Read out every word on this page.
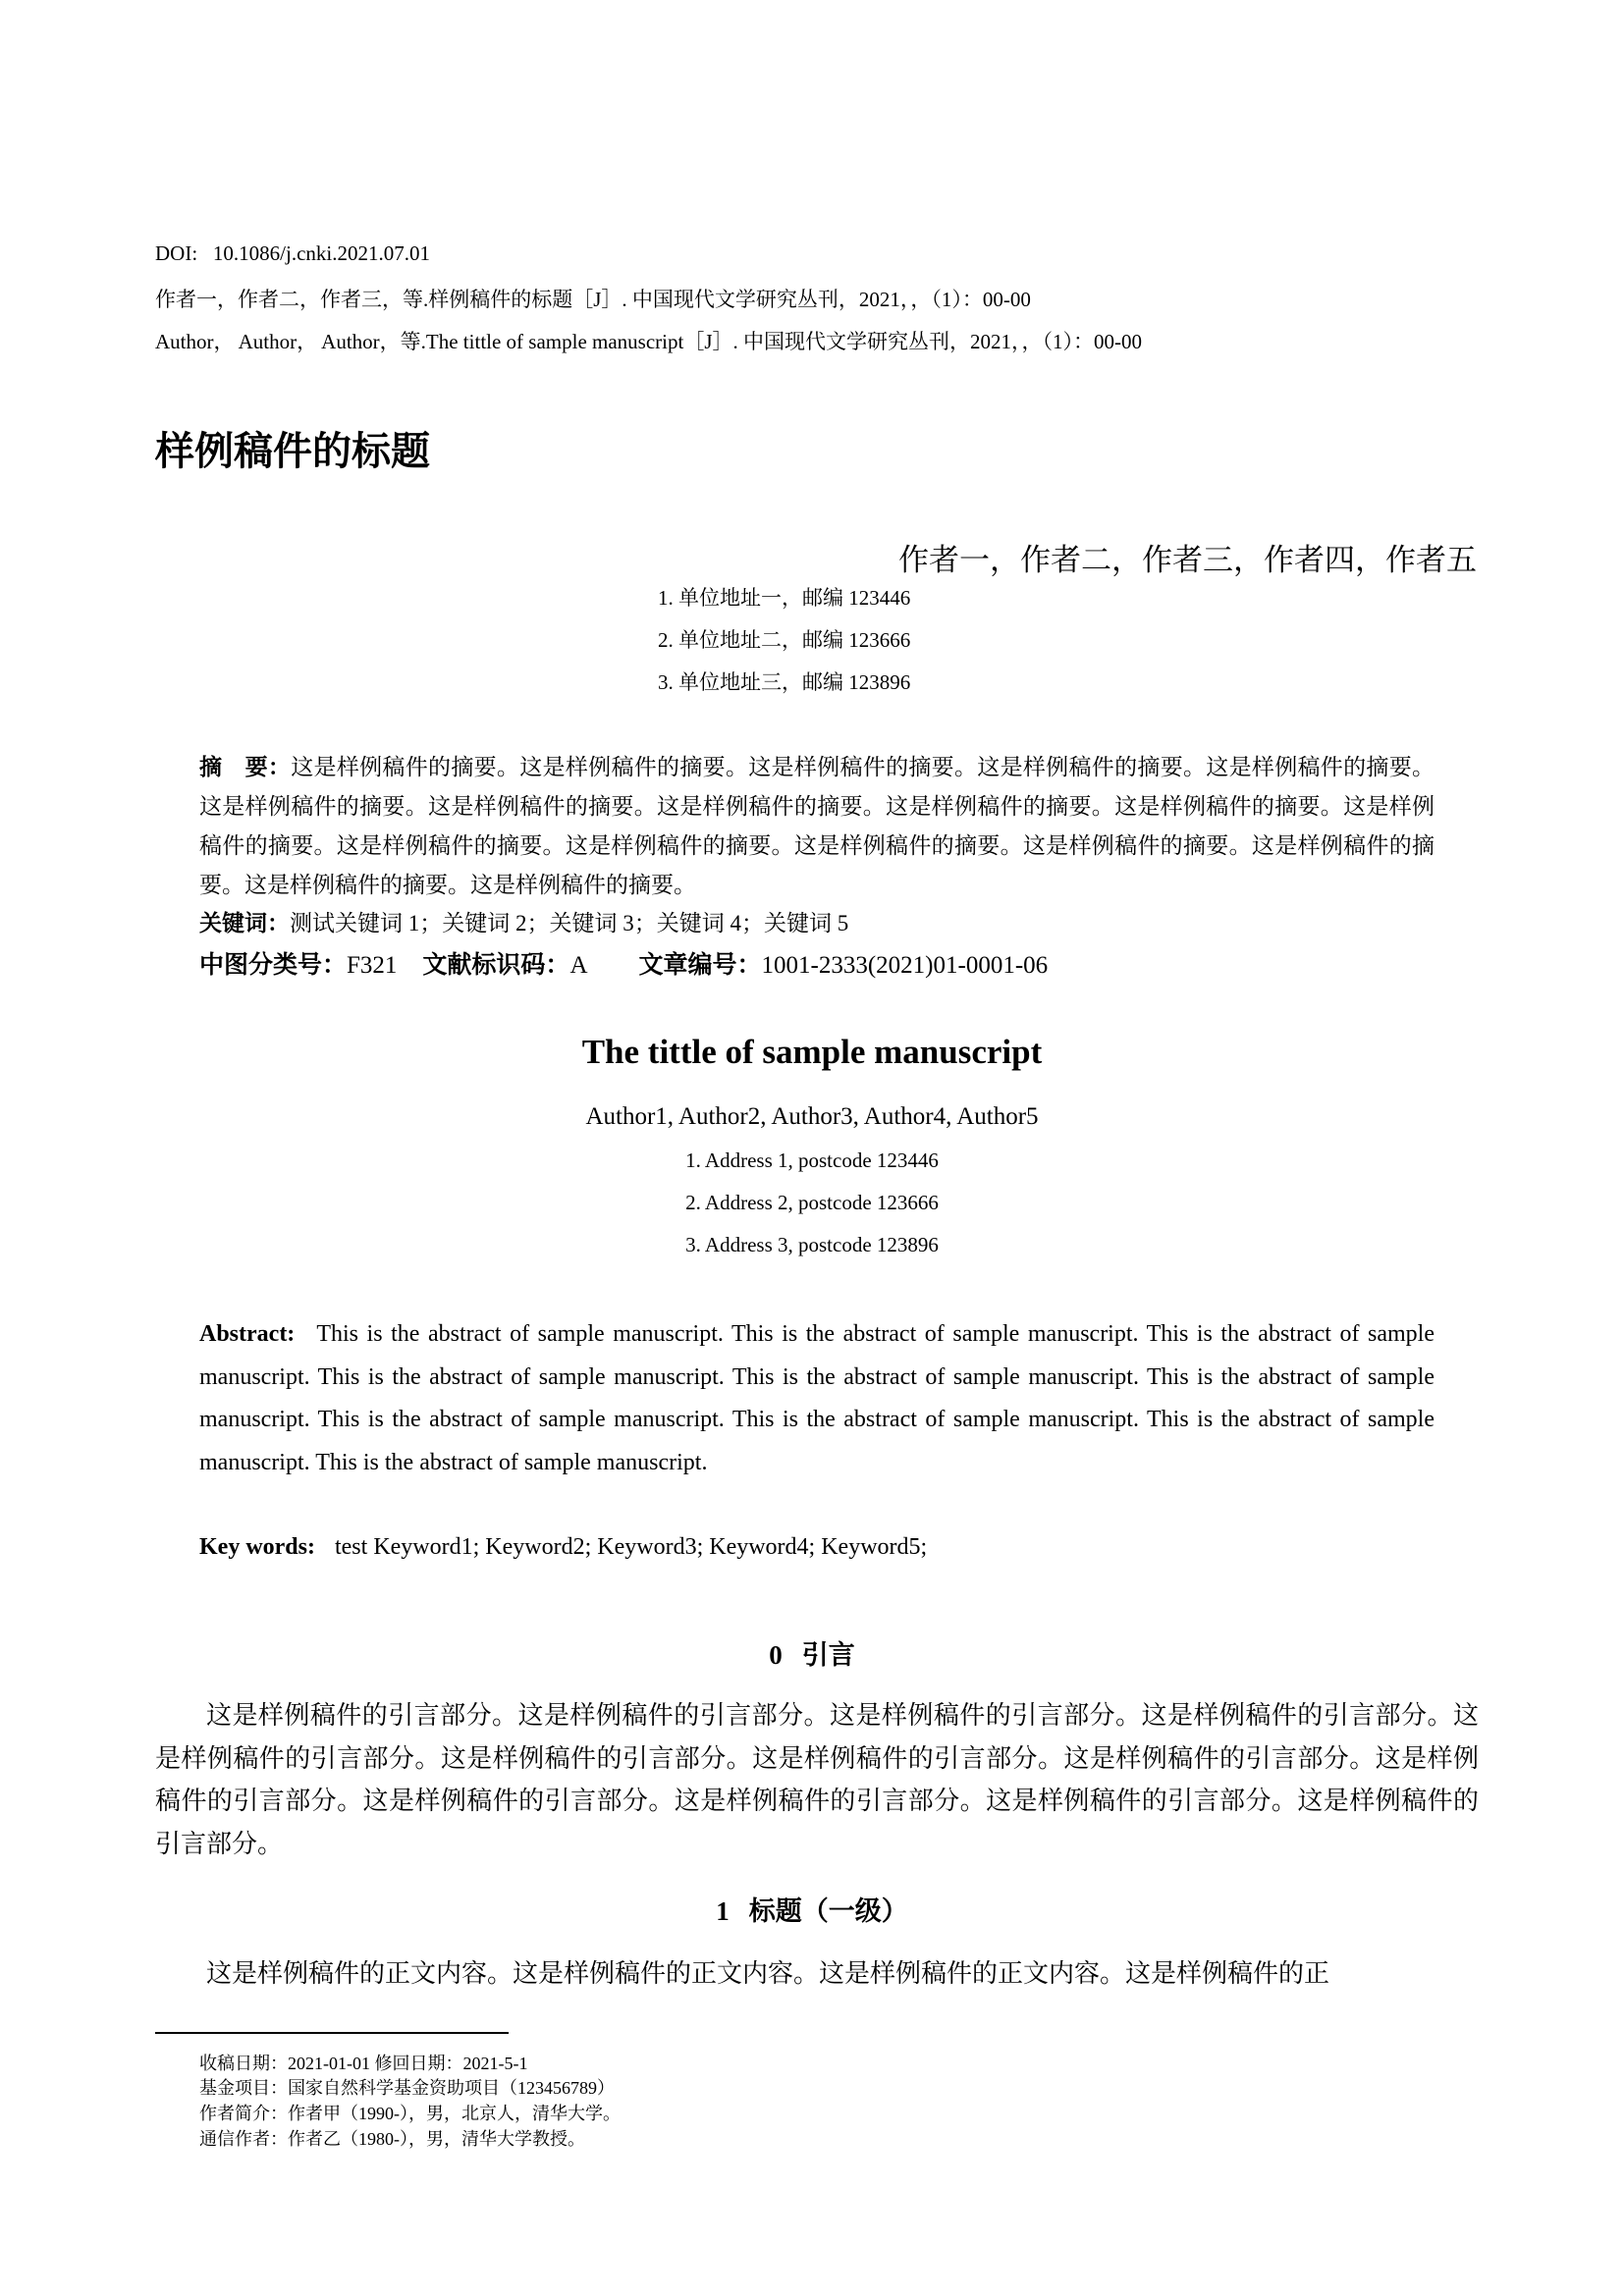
DOI: 10.1086/j.cnki.2021.07.01
作者一，作者二，作者三，等.样例稿件的标题［J］. 中国现代文学研究丛刊，2021，，（1）：00-00
Author， Author， Author，等.The tittle of sample manuscript［J］. 中国现代文学研究丛刊，2021，，（1）：00-00
样例稿件的标题
作者一，作者二，作者三，作者四，作者五
1. 单位地址一，邮编 123446
2. 单位地址二，邮编 123666
3. 单位地址三，邮编 123896
摘　要：这是样例稿件的摘要。这是样例稿件的摘要。这是样例稿件的摘要。这是样例稿件的摘要。这是样例稿件的摘要。这是样例稿件的摘要。这是样例稿件的摘要。这是样例稿件的摘要。这是样例稿件的摘要。这是样例稿件的摘要。这是样例稿件的摘要。这是样例稿件的摘要。这是样例稿件的摘要。这是样例稿件的摘要。这是样例稿件的摘要。这是样例稿件的摘要。这是样例稿件的摘要。这是样例稿件的摘要。
关键词：测试关键词 1；关键词 2；关键词 3；关键词 4；关键词 5
中图分类号：F321 文献标识码：A 文章编号：1001-2333(2021)01-0001-06
The tittle of sample manuscript
Author1, Author2, Author3, Author4, Author5
1. Address 1, postcode 123446
2. Address 2, postcode 123666
3. Address 3, postcode 123896
Abstract: This is the abstract of sample manuscript. This is the abstract of sample manuscript. This is the abstract of sample manuscript. This is the abstract of sample manuscript. This is the abstract of sample manuscript. This is the abstract of sample manuscript. This is the abstract of sample manuscript. This is the abstract of sample manuscript. This is the abstract of sample manuscript. This is the abstract of sample manuscript.
Key words: test Keyword1; Keyword2; Keyword3; Keyword4; Keyword5;
0 引言
这是样例稿件的引言部分。这是样例稿件的引言部分。这是样例稿件的引言部分。这是样例稿件的引言部分。这是样例稿件的引言部分。这是样例稿件的引言部分。这是样例稿件的引言部分。这是样例稿件的引言部分。这是样例稿件的引言部分。这是样例稿件的引言部分。这是样例稿件的引言部分。这是样例稿件的引言部分。这是样例稿件的引言部分。
1 标题（一级）
这是样例稿件的正文内容。这是样例稿件的正文内容。这是样例稿件的正文内容。这是样例稿件的正
收稿日期：2021-01-01 修回日期：2021-5-1
基金项目：国家自然科学基金资助项目（123456789）
作者简介：作者甲（1990-），男，北京人，清华大学。
通信作者：作者乙（1980-），男，清华大学教授。
